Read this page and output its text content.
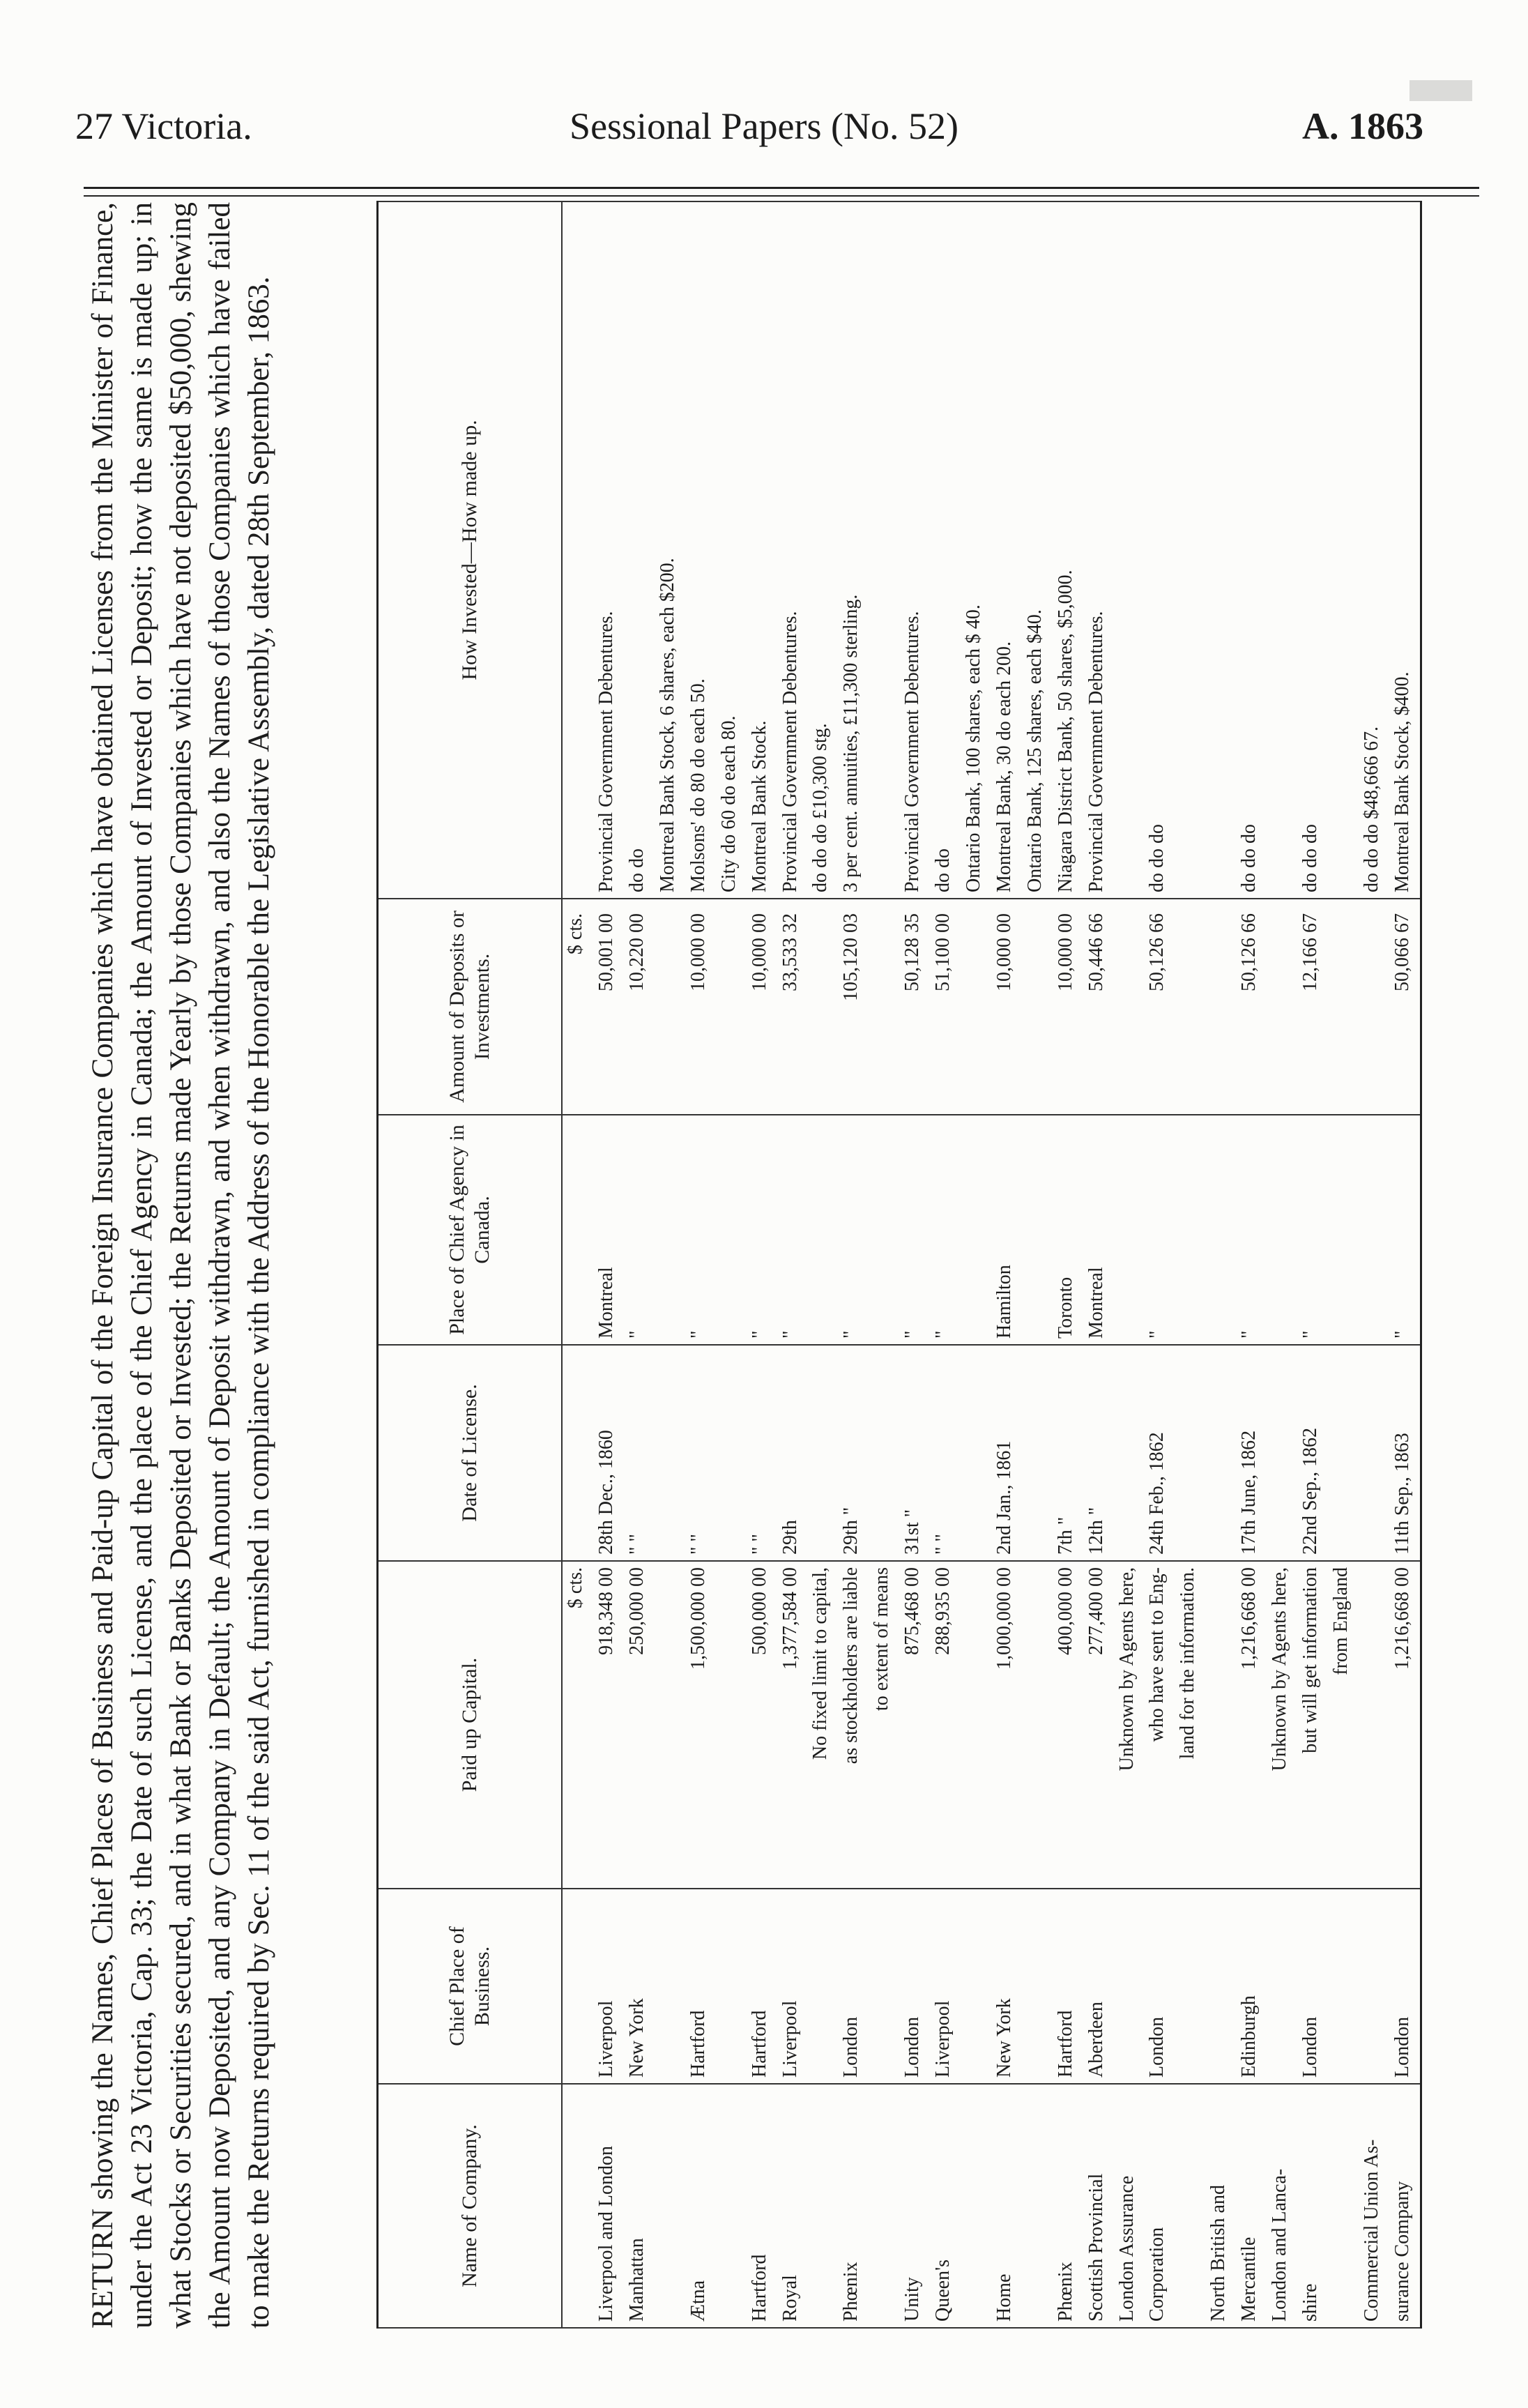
27 Victoria.	Sessional Papers (No. 52)	A. 1863

RETURN showing the Names, Chief Places of Business and Paid-up Capital of the Foreign Insurance Companies which have obtained Licenses from the Minister of Finance, under the Act 23 Victoria, Cap. 33; the Date of such License, and the place of the Chief Agency in Canada; the Amount of Invested or Deposit; how the same is made up; in what Stocks or Securities secured, and in what Bank or Banks Deposited or Invested; the Returns made Yearly by those Companies which have not deposited $50,000, shewing the Amount now Deposited, and any Company in Default; the Amount of Deposit withdrawn, and when withdrawn, and also the Names of those Companies which have failed to make the Returns required by Sec. 11 of the said Act, furnished in compliance with the Address of the Honorable the Legislative Assembly, dated 28th September, 1863.	Name of Company.	Chief Place of Business.	Paid up Capital.	Date of License.	Place of Chief Agency in Canada.	Amount of Deposits or Investments.	How Invested—How made up.
		$ cts.			$ cts.	
Liverpool and London	Liverpool	918,348 00	28th Dec., 1860	Montreal	50,001 00	Provincial Government Debentures.
Manhattan	New York	250,000 00	" "	"	10,220 00	do do
						Montreal Bank Stock, 6 shares, each $200.
Ætna	Hartford	1,500,000 00	" "	"	10,000 00	Molsons' do 80 do each 50.
						City do 60 do each 80.
Hartford	Hartford	500,000 00	" "	"	10,000 00	Montreal Bank Stock.
Royal	Liverpool	1,377,584 00	29th	"	33,533 32	Provincial Government Debentures.
		No fixed limit to capital,				do do do £10,300 stg.
Phœnix	London	as stockholders are liable	29th "	"	105,120 03	3 per cent. annuities, £11,300 sterling.
		to extent of means				
Unity	London	875,468 00	31st "	"	50,128 35	Provincial Government Debentures.
Queen's	Liverpool	288,935 00	" "	"	51,100 00	do do
						Ontario Bank, 100 shares, each $ 40.
Home	New York	1,000,000 00	2nd Jan., 1861	Hamilton	10,000 00	Montreal Bank, 30 do each 200.
						Ontario Bank, 125 shares, each $40.
Phœnix	Hartford	400,000 00	7th "	Toronto	10,000 00	Niagara District Bank, 50 shares, $5,000.
Scottish Provincial	Aberdeen	277,400 00	12th "	Montreal	50,446 66	Provincial Government Debentures.
London Assurance		Unknown by Agents here,				
Corporation	London	who have sent to Eng-	24th Feb., 1862	"	50,126 66	do do do
		land for the information.				
North British and						
Mercantile	Edinburgh	1,216,668 00	17th June, 1862	"	50,126 66	do do do
London and Lanca-		Unknown by Agents here,				
shire	London	but will get information	22nd Sep., 1862	"	12,166 67	do do do
		from England				
Commercial Union As-						do do do $48,666 67.
surance Company	London	1,216,668 00	11th Sep., 1863	"	50,066 67	Montreal Bank Stock, $400.
